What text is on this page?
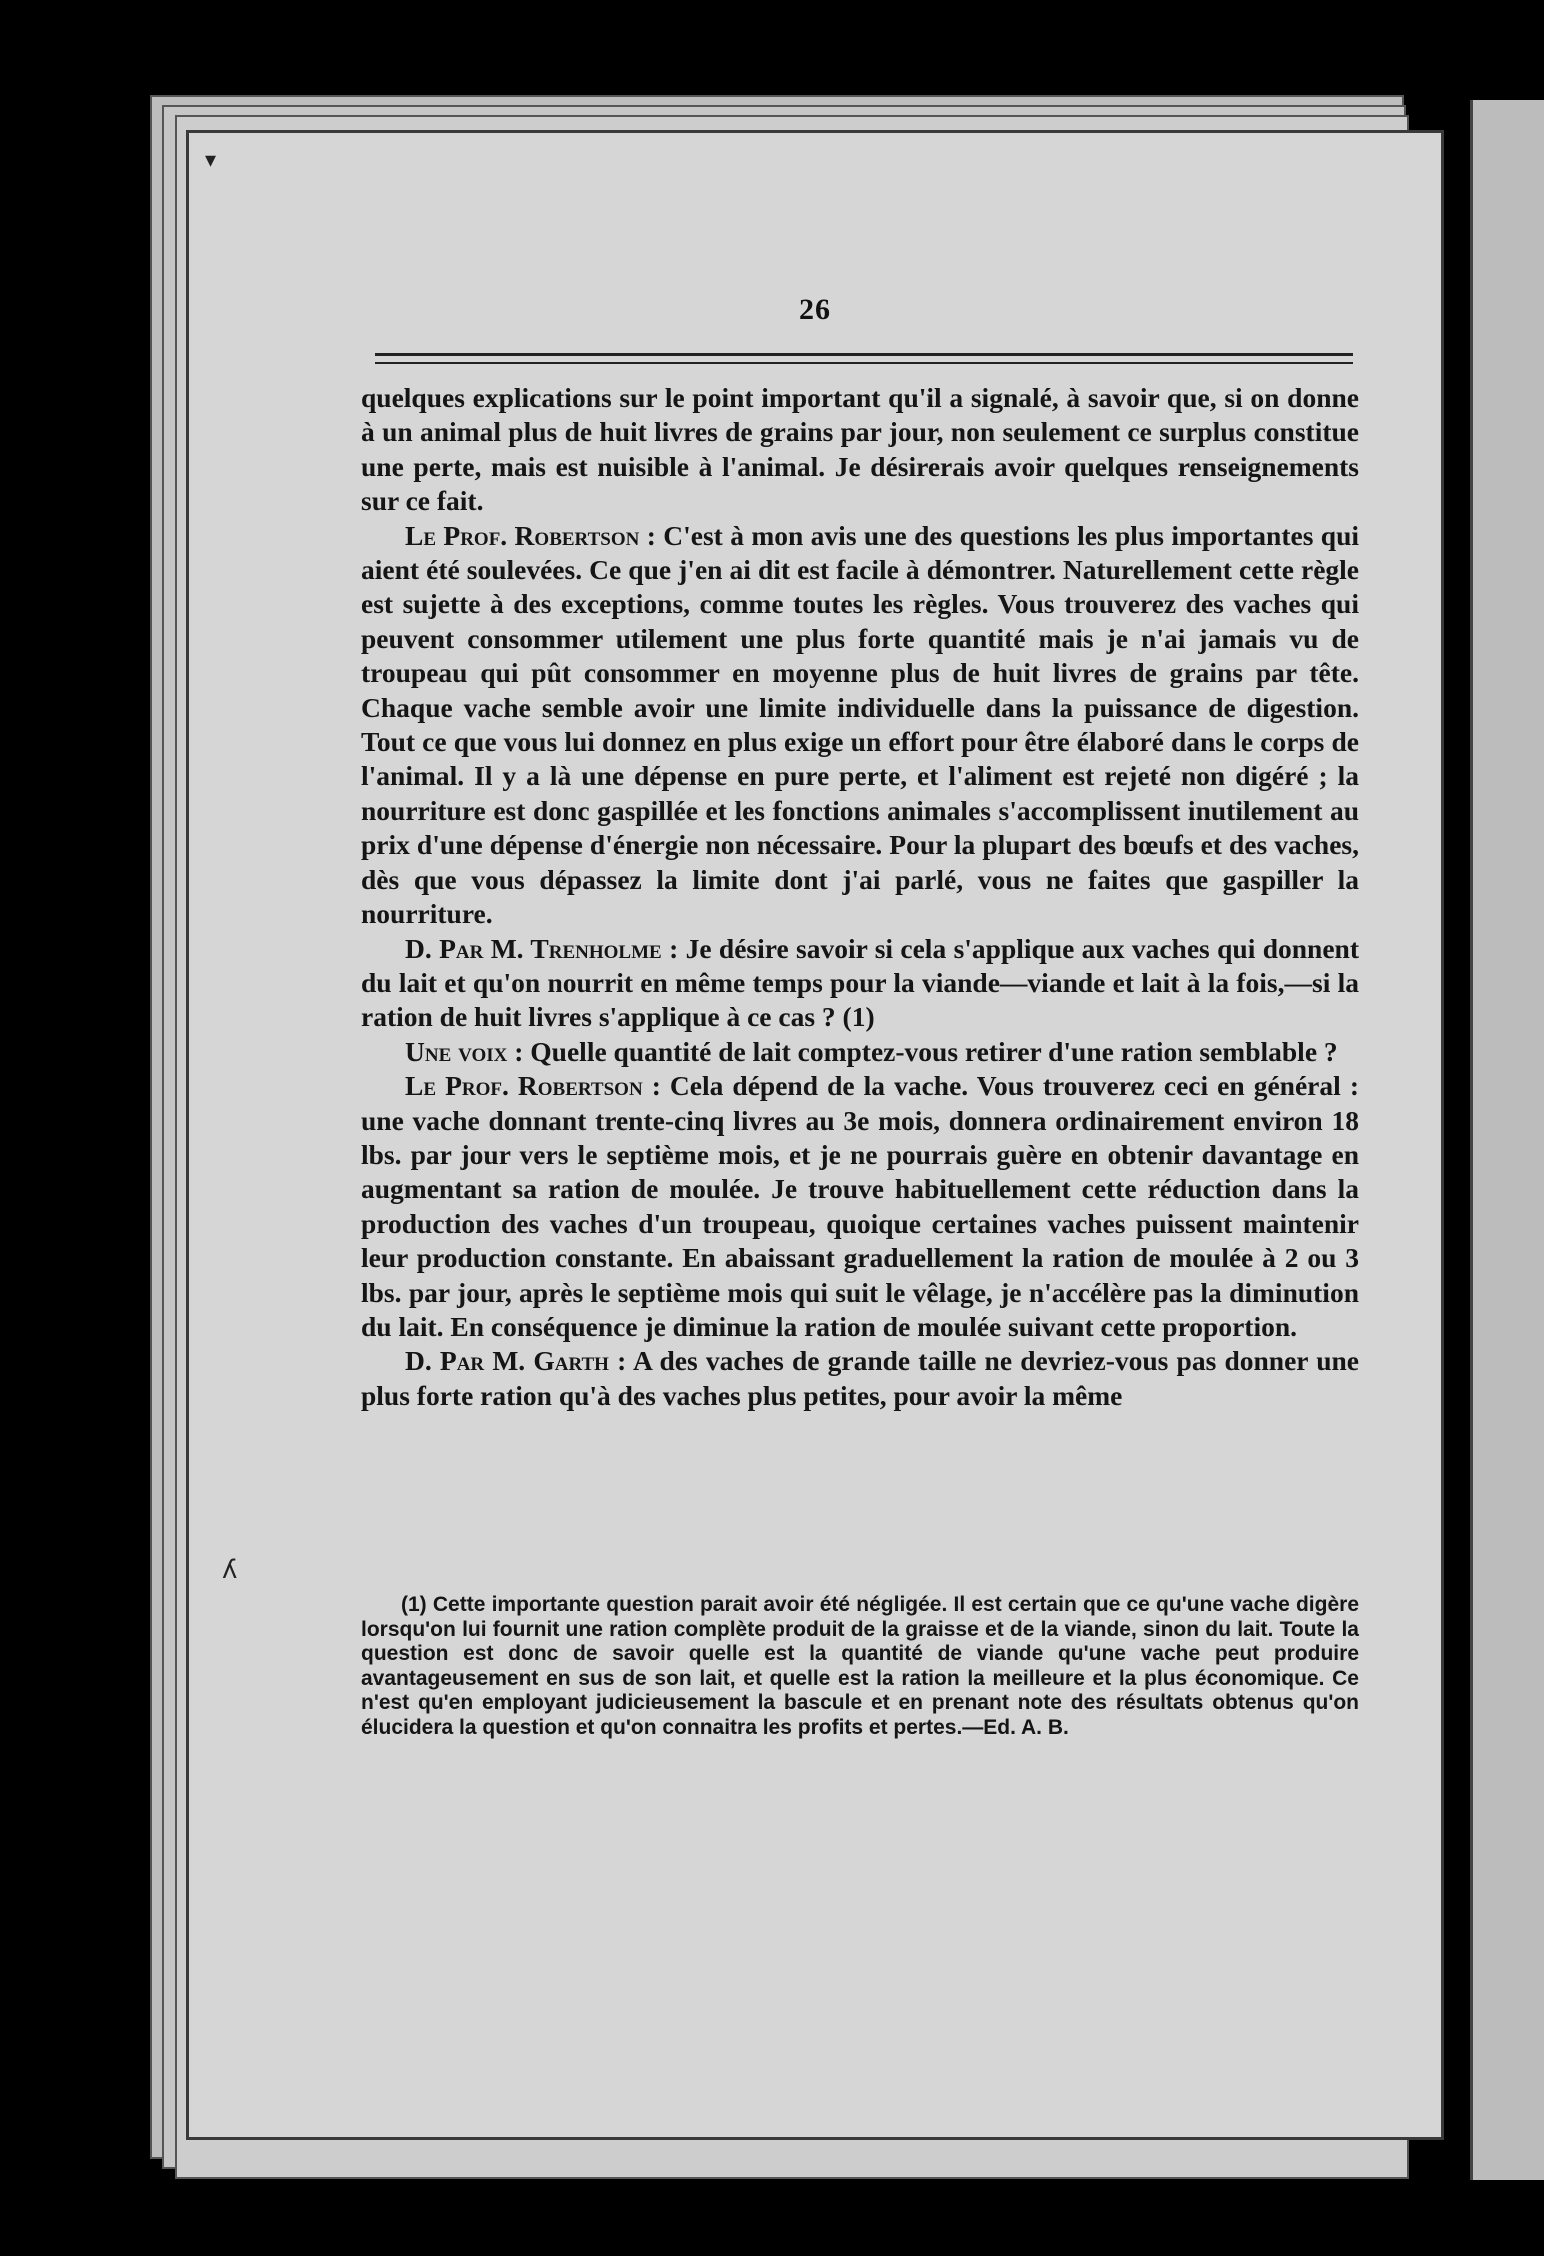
26

quelques explications sur le point important qu'il a signalé, à savoir que, si on donne à un animal plus de huit livres de grains par jour, non seulement ce surplus constitue une perte, mais est nuisible à l'animal. Je désirerais avoir quelques renseignements sur ce fait.

Le Prof. Robertson : C'est à mon avis une des questions les plus importantes qui aient été soulevées. Ce que j'en ai dit est facile à démontrer. Naturellement cette règle est sujette à des exceptions, comme toutes les règles. Vous trouverez des vaches qui peuvent consommer utilement une plus forte quantité mais je n'ai jamais vu de troupeau qui pût consommer en moyenne plus de huit livres de grains par tête. Chaque vache semble avoir une limite individuelle dans la puissance de digestion. Tout ce que vous lui donnez en plus exige un effort pour être élaboré dans le corps de l'animal. Il y a là une dépense en pure perte, et l'aliment est rejeté non digéré ; la nourriture est donc gaspillée et les fonctions animales s'accomplissent inutilement au prix d'une dépense d'énergie non nécessaire. Pour la plupart des bœufs et des vaches, dès que vous dépassez la limite dont j'ai parlé, vous ne faites que gaspiller la nourriture.

D. Par M. Trenholme : Je désire savoir si cela s'applique aux vaches qui donnent du lait et qu'on nourrit en même temps pour la viande—viande et lait à la fois,—si la ration de huit livres s'applique à ce cas ? (1)

Une voix : Quelle quantité de lait comptez-vous retirer d'une ration semblable ?

Le Prof. Robertson : Cela dépend de la vache. Vous trouverez ceci en général : une vache donnant trente-cinq livres au 3e mois, donnera ordinairement environ 18 lbs. par jour vers le septième mois, et je ne pourrais guère en obtenir davantage en augmentant sa ration de moulée. Je trouve habituellement cette réduction dans la production des vaches d'un troupeau, quoique certaines vaches puissent maintenir leur production constante. En abaissant graduellement la ration de moulée à 2 ou 3 lbs. par jour, après le septième mois qui suit le vêlage, je n'accélère pas la diminution du lait. En conséquence je diminue la ration de moulée suivant cette proportion.

D. Par M. Garth : A des vaches de grande taille ne devriez-vous pas donner une plus forte ration qu'à des vaches plus petites, pour avoir la même

(1) Cette importante question parait avoir été négligée. Il est certain que ce qu'une vache digère lorsqu'on lui fournit une ration complète produit de la graisse et de la viande, sinon du lait. Toute la question est donc de savoir quelle est la quantité de viande qu'une vache peut produire avantageusement en sus de son lait, et quelle est la ration la meilleure et la plus économique. Ce n'est qu'en employant judicieusement la bascule et en prenant note des résultats obtenus qu'on élucidera la question et qu'on connaitra les profits et pertes.—Ed. A. B.

▾
ʎ
